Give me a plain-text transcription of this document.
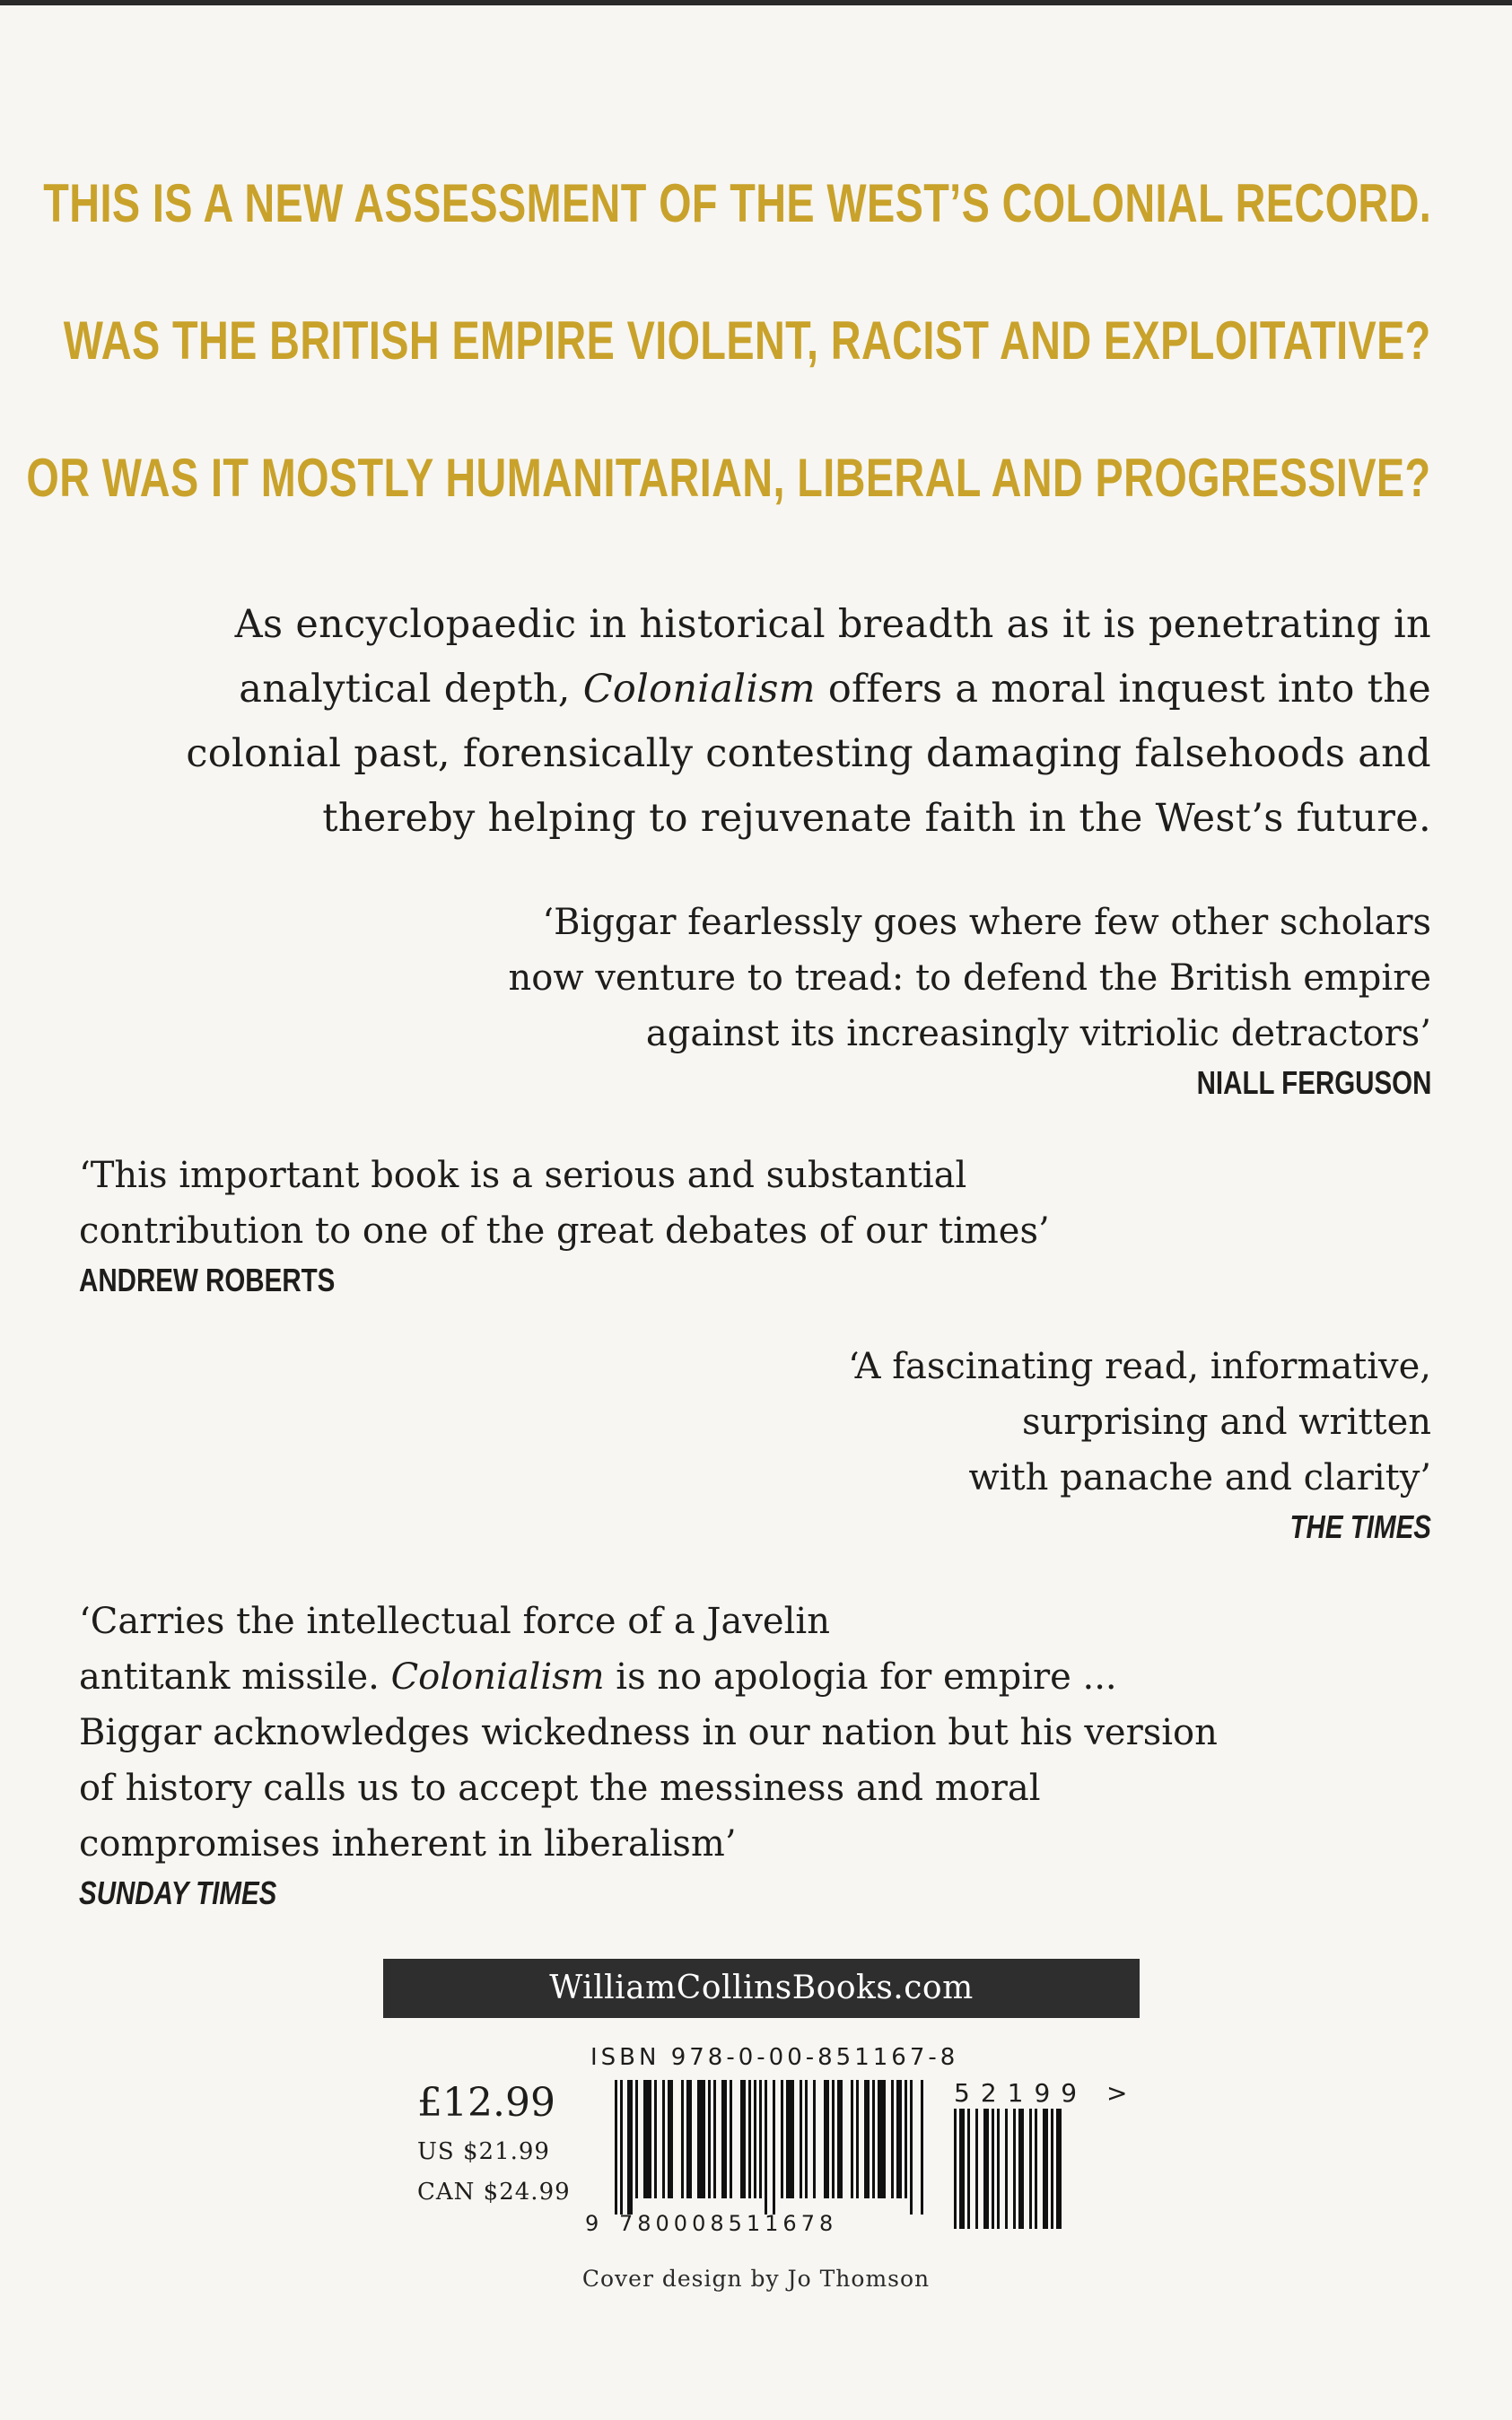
THIS IS A NEW ASSESSMENT OF THE WEST’S COLONIAL RECORD.
WAS THE BRITISH EMPIRE VIOLENT, RACIST AND EXPLOITATIVE?
OR WAS IT MOSTLY HUMANITARIAN, LIBERAL AND PROGRESSIVE?
As encyclopaedic in historical breadth as it is penetrating in
analytical depth, Colonialism offers a moral inquest into the
colonial past, forensically contesting damaging falsehoods and
thereby helping to rejuvenate faith in the West’s future.
‘Biggar fearlessly goes where few other scholars
now venture to tread: to defend the British empire
against its increasingly vitriolic detractors’
NIALL FERGUSON
‘This important book is a serious and substantial
contribution to one of the great debates of our times’
ANDREW ROBERTS
‘A fascinating read, informative,
surprising and written
with panache and clarity’
THE TIMES
‘Carries the intellectual force of a Javelin
antitank missile. Colonialism is no apologia for empire ...
Biggar acknowledges wickedness in our nation but his version
of history calls us to accept the messiness and moral
compromises inherent in liberalism’
SUNDAY TIMES
WilliamCollinsBooks.com
ISBN 978-0-00-851167-8
£12.99
US $21.99
CAN $24.99
9 780008511678
52199 >
Cover design by Jo Thomson
